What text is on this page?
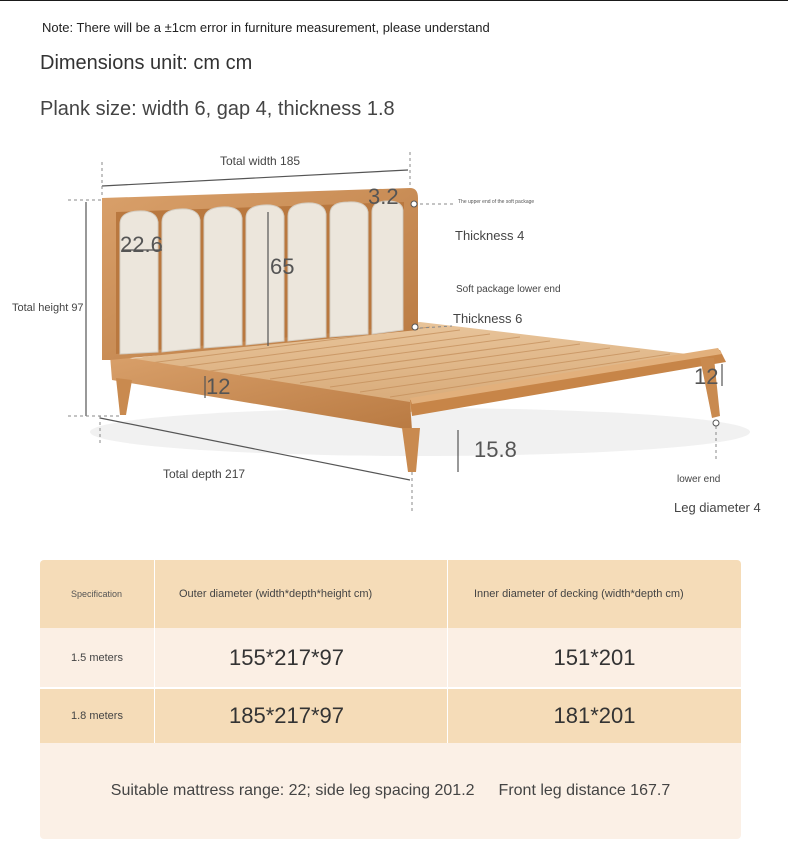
Note: There will be a ±1cm error in furniture measurement, please understand
Dimensions unit: cm cm
Plank size: width 6, gap 4, thickness 1.8
Total width 185
3.2	The upper end of the soft package
Thickness 4
22.6
65
Soft package lower end
Thickness 6
Total height 97
12	12
15.8
Total depth 217	lower end
Leg diameter 4
Specification	Outer diameter (width*depth*height cm)	Inner diameter of decking (width*depth cm)
1.5 meters	155*217*97	151*201
1.8 meters	185*217*97	181*201
Suitable mattress range: 22; side leg spacing 201.2 Front leg distance 167.7
